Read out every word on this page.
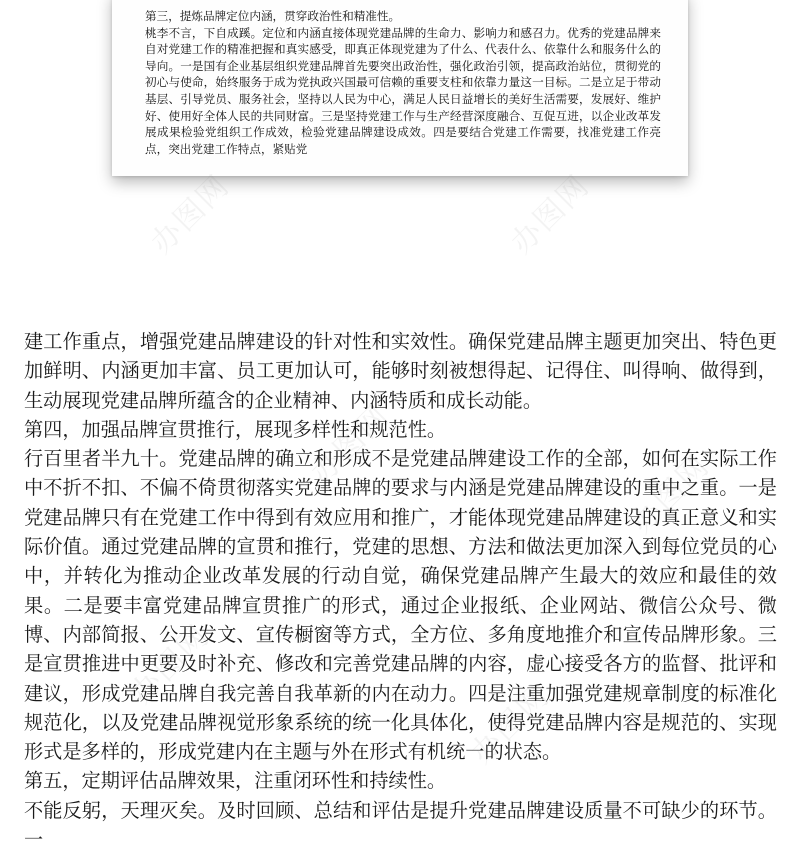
第三，提炼品牌定位内涵，贯穿政治性和精准性。

桃李不言，下自成蹊。定位和内涵直接体现党建品牌的生命力、影响力和感召力。优秀的党建品牌来自对党建工作的精准把握和真实感受，即真正体现党建为了什么、代表什么、依靠什么和服务什么的导向。一是国有企业基层组织党建品牌首先要突出政治性，强化政治引领，提高政治站位，贯彻党的初心与使命，始终服务于成为党执政兴国最可信赖的重要支柱和依靠力量这一目标。二是立足于带动基层、引导党员、服务社会，坚持以人民为中心，满足人民日益增长的美好生活需要，发展好、维护好、使用好全体人民的共同财富。三是坚持党建工作与生产经营深度融合、互促互进，以企业改革发展成果检验党组织工作成效，检验党建品牌建设成效。四是要结合党建工作需要，找准党建工作亮点，突出党建工作特点，紧贴党

办图网	办图网
办图网
办图网
办图网
办图网

建工作重点，增强党建品牌建设的针对性和实效性。确保党建品牌主题更加突出、特色更加鲜明、内涵更加丰富、员工更加认可，能够时刻被想得起、记得住、叫得响、做得到，生动展现党建品牌所蕴含的企业精神、内涵特质和成长动能。

第四，加强品牌宣贯推行，展现多样性和规范性。

行百里者半九十。党建品牌的确立和形成不是党建品牌建设工作的全部，如何在实际工作中不折不扣、不偏不倚贯彻落实党建品牌的要求与内涵是党建品牌建设的重中之重。一是党建品牌只有在党建工作中得到有效应用和推广，才能体现党建品牌建设的真正意义和实际价值。通过党建品牌的宣贯和推行，党建的思想、方法和做法更加深入到每位党员的心中，并转化为推动企业改革发展的行动自觉，确保党建品牌产生最大的效应和最佳的效果。二是要丰富党建品牌宣贯推广的形式，通过企业报纸、企业网站、微信公众号、微博、内部简报、公开发文、宣传橱窗等方式，全方位、多角度地推介和宣传品牌形象。三是宣贯推进中更要及时补充、修改和完善党建品牌的内容，虚心接受各方的监督、批评和建议，形成党建品牌自我完善自我革新的内在动力。四是注重加强党建规章制度的标准化规范化，以及党建品牌视觉形象系统的统一化具体化，使得党建品牌内容是规范的、实现形式是多样的，形成党建内在主题与外在形式有机统一的状态。

第五，定期评估品牌效果，注重闭环性和持续性。

不能反躬，天理灭矣。及时回顾、总结和评估是提升党建品牌建设质量不可缺少的环节。一
